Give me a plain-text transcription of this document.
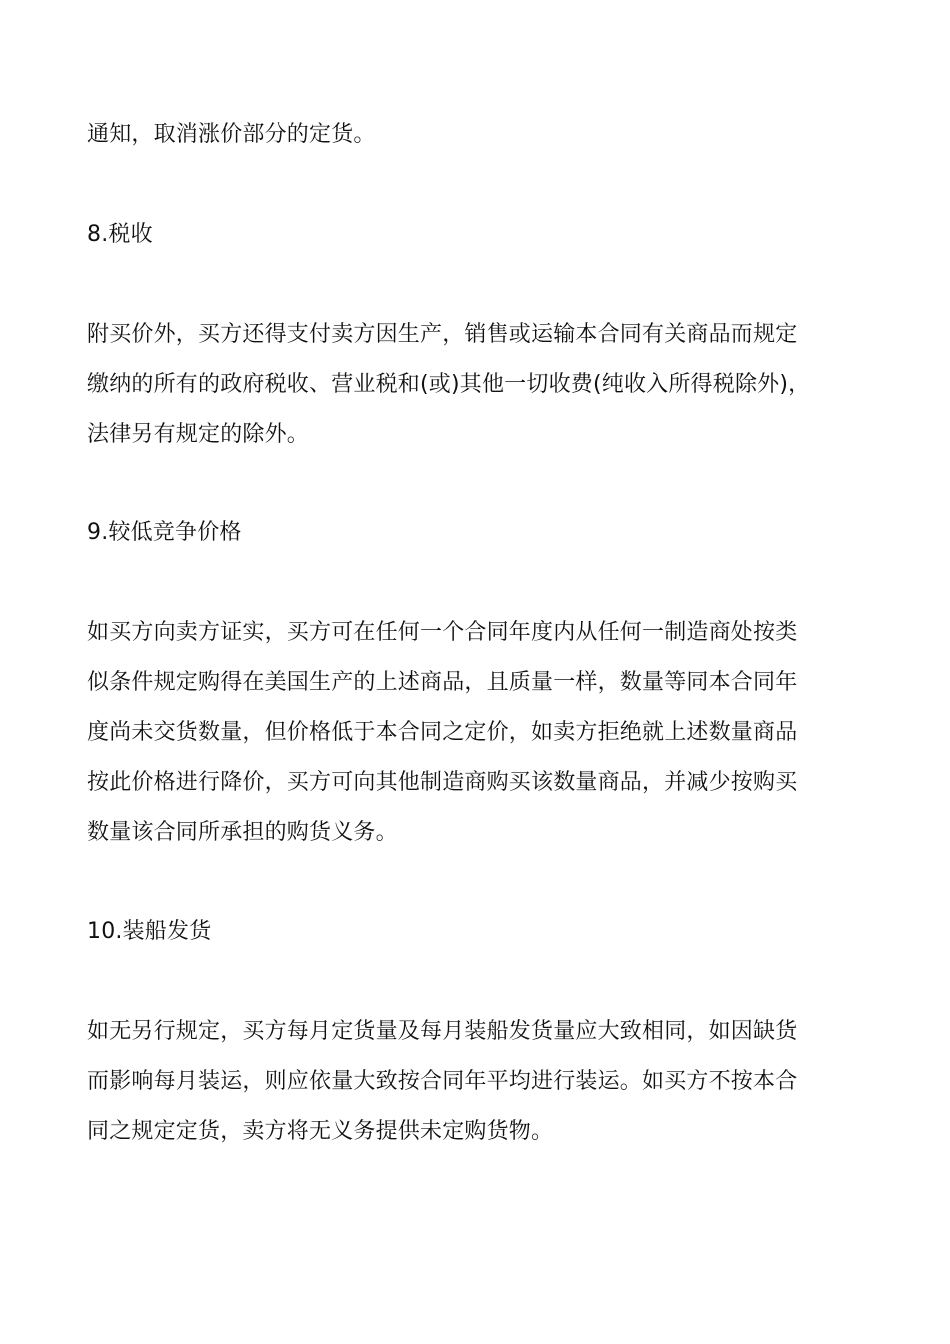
通知，取消涨价部分的定货。

8.税收

附买价外，买方还得支付卖方因生产，销售或运输本合同有关商品而规定
缴纳的所有的政府税收、营业税和(或)其他一切收费(纯收入所得税除外)，
法律另有规定的除外。

9.较低竞争价格

如买方向卖方证实，买方可在任何一个合同年度内从任何一制造商处按类
似条件规定购得在美国生产的上述商品，且质量一样，数量等同本合同年
度尚未交货数量，但价格低于本合同之定价，如卖方拒绝就上述数量商品
按此价格进行降价，买方可向其他制造商购买该数量商品，并减少按购买
数量该合同所承担的购货义务。

10.装船发货

如无另行规定，买方每月定货量及每月装船发货量应大致相同，如因缺货
而影响每月装运，则应依量大致按合同年平均进行装运。如买方不按本合
同之规定定货，卖方将无义务提供未定购货物。
